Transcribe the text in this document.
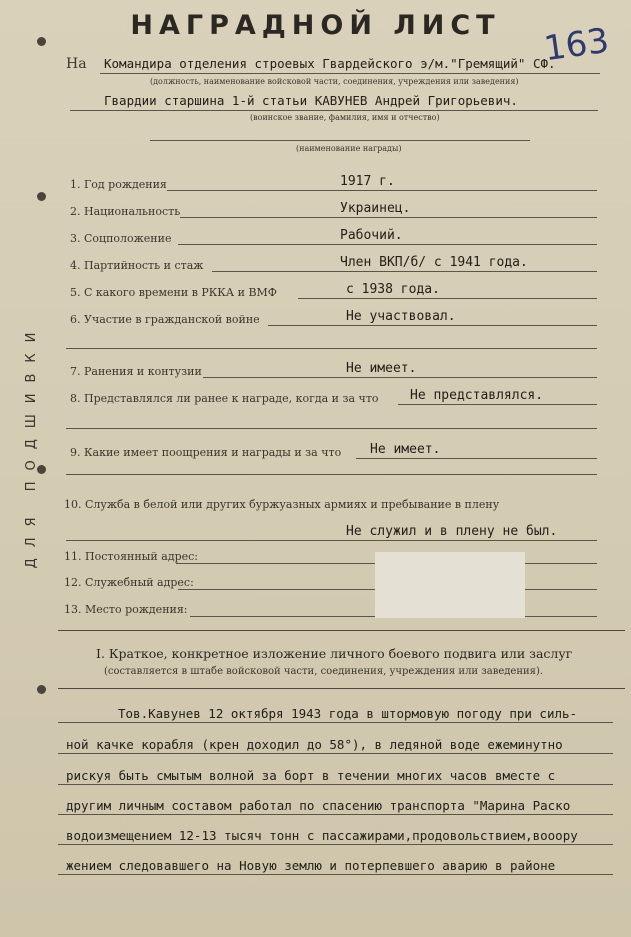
НАГРАДНОЙ ЛИСТ	163
ДЛЯ ПОДШИВКИ
На Командира отделения строевых Гвардейского э/м."Гремящий" СФ.
(должность, наименование войсковой части, соединения, учреждения или заведения)
Гвардии старшина 1-й статьи КАВУНЕВ Андрей Григорьевич.
(воинское звание, фамилия, имя и отчество)
(наименование награды)
1. Год рождения	1917 г.
2. Национальность	Украинец.
3. Соцположение	Рабочий.
4. Партийность и стаж	Член ВКП/б/ с 1941 года.
5. С какого времени в РККА и ВМФ	с 1938 года.
6. Участие в гражданской войне	Не участвовал.
7. Ранения и контузии	Не имеет.
8. Представлялся ли ранее к награде, когда и за что Не представлялся.
9. Какие имеет поощрения и награды и за что Не имеет.
10. Служба в белой или других буржуазных армиях и пребывание в плену
Не служил и в плену не был.
11. Постоянный адрес:
12. Служебный адрес:
13. Место рождения:
I. Краткое, конкретное изложение личного боевого подвига или заслуг
(составляется в штабе войсковой части, соединения, учреждения или заведения).
Тов.Кавунев 12 октября 1943 года в штормовую погоду при силь-
ной качке корабля (крен доходил до 58°), в ледяной воде ежеминутно
рискуя быть смытым волной за борт в течении многих часов вместе с
другим личным составом работал по спасению транспорта "Марина Раско
водоизмещением 12-13 тысяч тонн с пассажирами,продовольствием,вооору
жением следовавшего на Новую землю и потерпевшего аварию в районе
